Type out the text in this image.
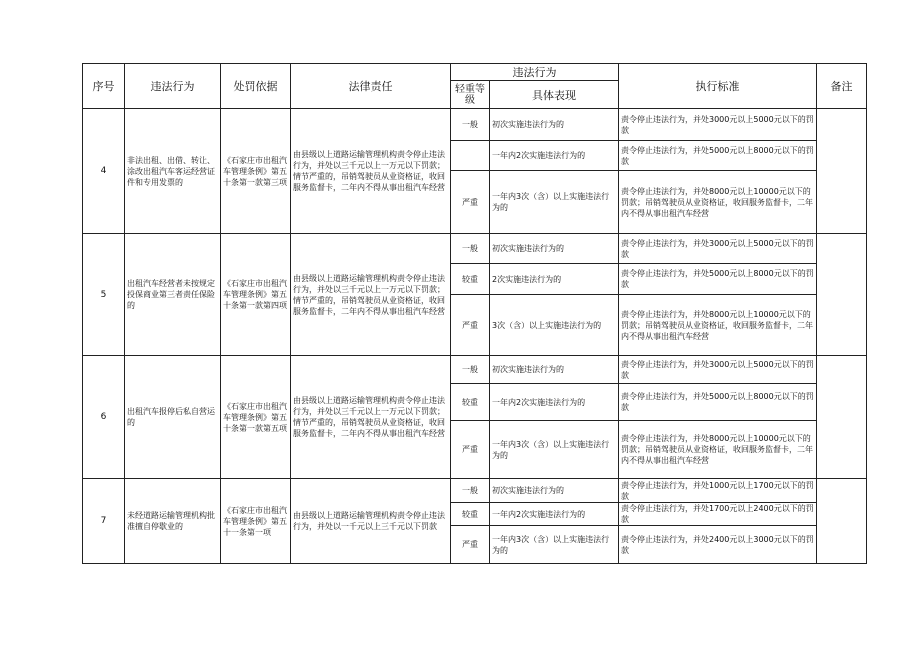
序号	违法行为	处罚依据	法律责任	违法行为		执行标准	备注
				轻重等级	具体表现		
4	非法出租、出借、转让、涂改出租汽车客运经营证件和专用发票的	《石家庄市出租汽车管理条例》第五十条第一款第三项	由县级以上道路运输管理机构责令停止违法行为，并处以三千元以上一万元以下罚款；情节严重的，吊销驾驶员从业资格证，收回服务监督卡，二年内不得从事出租汽车经营	一般	初次实施违法行为的	责令停止违法行为，并处3000元以上5000元以下的罚款	
					一年内2次实施违法行为的	责令停止违法行为，并处5000元以上8000元以下的罚款	
				严重	一年内3次（含）以上实施违法行为的	责令停止违法行为，并处8000元以上10000元以下的罚款；吊销驾驶员从业资格证，收回服务监督卡，二年内不得从事出租汽车经营	
5	出租汽车经营者未按规定投保商业第三者责任保险的	《石家庄市出租汽车管理条例》第五十条第一款第四项	由县级以上道路运输管理机构责令停止违法行为，并处以三千元以上一万元以下罚款；情节严重的，吊销驾驶员从业资格证，收回服务监督卡，二年内不得从事出租汽车经营	一般	初次实施违法行为的	责令停止违法行为，并处3000元以上5000元以下的罚款	
				较重	2次实施违法行为的	责令停止违法行为，并处5000元以上8000元以下的罚款	
				严重	3次（含）以上实施违法行为的	责令停止违法行为，并处8000元以上10000元以下的罚款；吊销驾驶员从业资格证，收回服务监督卡，二年内不得从事出租汽车经营	
6	出租汽车报停后私自营运的	《石家庄市出租汽车管理条例》第五十条第一款第五项	由县级以上道路运输管理机构责令停止违法行为，并处以三千元以上一万元以下罚款；情节严重的，吊销驾驶员从业资格证，收回服务监督卡，二年内不得从事出租汽车经营	一般	初次实施违法行为的	责令停止违法行为，并处3000元以上5000元以下的罚款	
				较重	一年内2次实施违法行为的	责令停止违法行为，并处5000元以上8000元以下的罚款	
				严重	一年内3次（含）以上实施违法行为的	责令停止违法行为，并处8000元以上10000元以下的罚款；吊销驾驶员从业资格证，收回服务监督卡，二年内不得从事出租汽车经营	
7	未经道路运输管理机构批准擅自停歇业的	《石家庄市出租汽车管理条例》第五十一条第一项	由县级以上道路运输管理机构责令停止违法行为，并处以一千元以上三千元以下罚款	一般	初次实施违法行为的	责令停止违法行为，并处1000元以上1700元以下的罚款	
				较重	一年内2次实施违法行为的	责令停止违法行为，并处1700元以上2400元以下的罚款	
				严重	一年内3次（含）以上实施违法行为的	责令停止违法行为，并处2400元以上3000元以下的罚款	
